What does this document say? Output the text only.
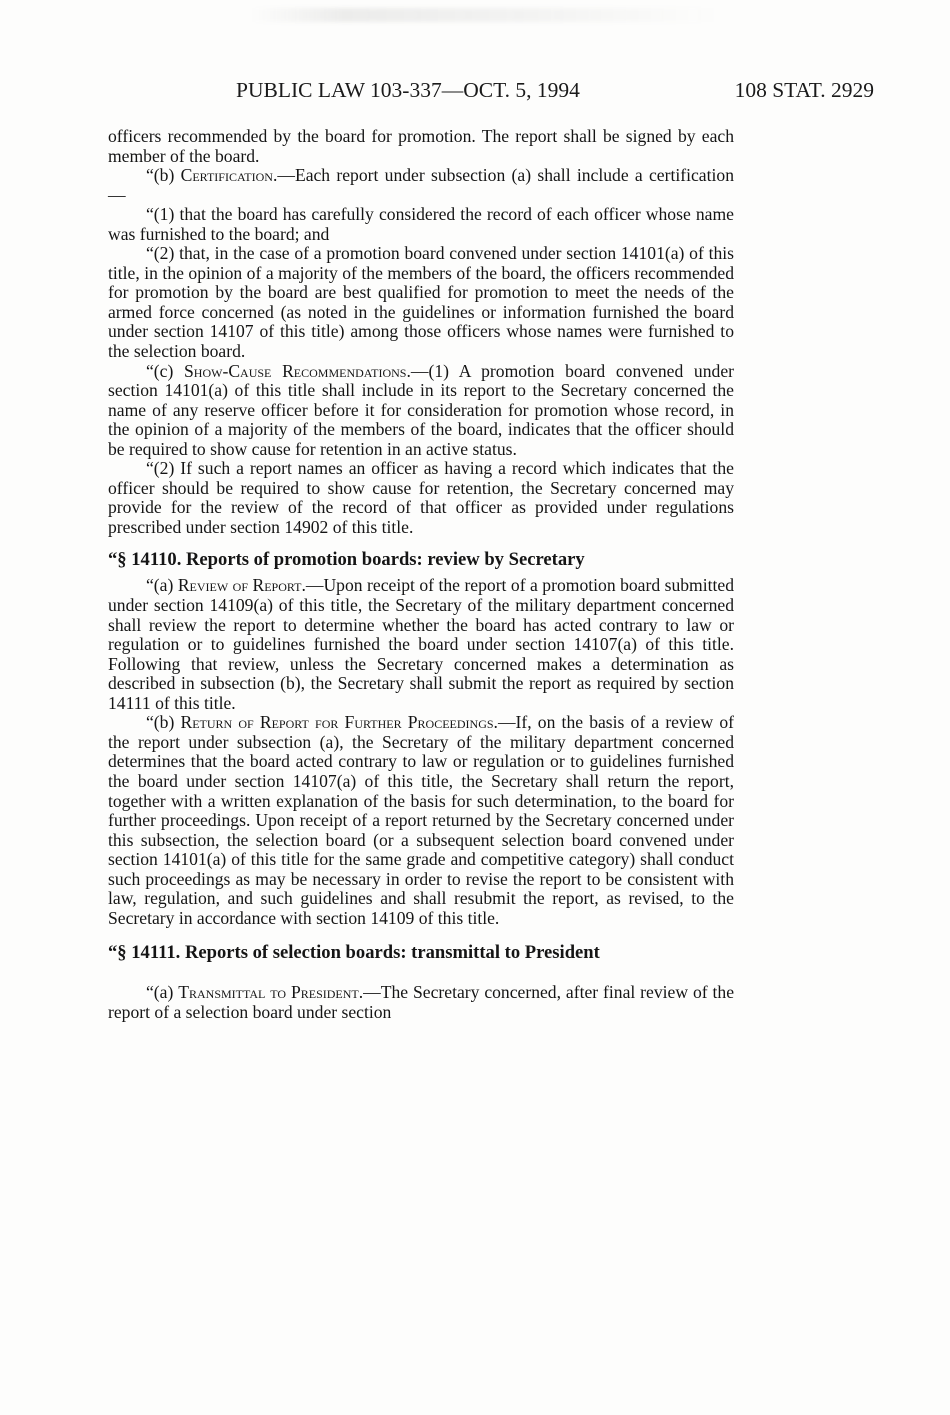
PUBLIC LAW 103-337—OCT. 5, 1994	108 STAT. 2929

officers recommended by the board for promotion. The report shall be signed by each member of the board.

“(b) Certification.—Each report under subsection (a) shall include a certification—

“(1) that the board has carefully considered the record of each officer whose name was furnished to the board; and

“(2) that, in the case of a promotion board convened under section 14101(a) of this title, in the opinion of a majority of the members of the board, the officers recommended for promotion by the board are best qualified for promotion to meet the needs of the armed force concerned (as noted in the guidelines or information furnished the board under section 14107 of this title) among those officers whose names were furnished to the selection board.

“(c) Show-Cause Recommendations.—(1) A promotion board convened under section 14101(a) of this title shall include in its report to the Secretary concerned the name of any reserve officer before it for consideration for promotion whose record, in the opinion of a majority of the members of the board, indicates that the officer should be required to show cause for retention in an active status.

“(2) If such a report names an officer as having a record which indicates that the officer should be required to show cause for retention, the Secretary concerned may provide for the review of the record of that officer as provided under regulations prescribed under section 14902 of this title.

“§ 14110. Reports of promotion boards: review by Secretary

“(a) Review of Report.—Upon receipt of the report of a promotion board submitted under section 14109(a) of this title, the Secretary of the military department concerned shall review the report to determine whether the board has acted contrary to law or regulation or to guidelines furnished the board under section 14107(a) of this title. Following that review, unless the Secretary concerned makes a determination as described in subsection (b), the Secretary shall submit the report as required by section 14111 of this title.

“(b) Return of Report for Further Proceedings.—If, on the basis of a review of the report under subsection (a), the Secretary of the military department concerned determines that the board acted contrary to law or regulation or to guidelines furnished the board under section 14107(a) of this title, the Secretary shall return the report, together with a written explanation of the basis for such determination, to the board for further proceedings. Upon receipt of a report returned by the Secretary concerned under this subsection, the selection board (or a subsequent selection board convened under section 14101(a) of this title for the same grade and competitive category) shall conduct such proceedings as may be necessary in order to revise the report to be consistent with law, regulation, and such guidelines and shall resubmit the report, as revised, to the Secretary in accordance with section 14109 of this title.

“§ 14111. Reports of selection boards: transmittal to President

“(a) Transmittal to President.—The Secretary concerned, after final review of the report of a selection board under section
